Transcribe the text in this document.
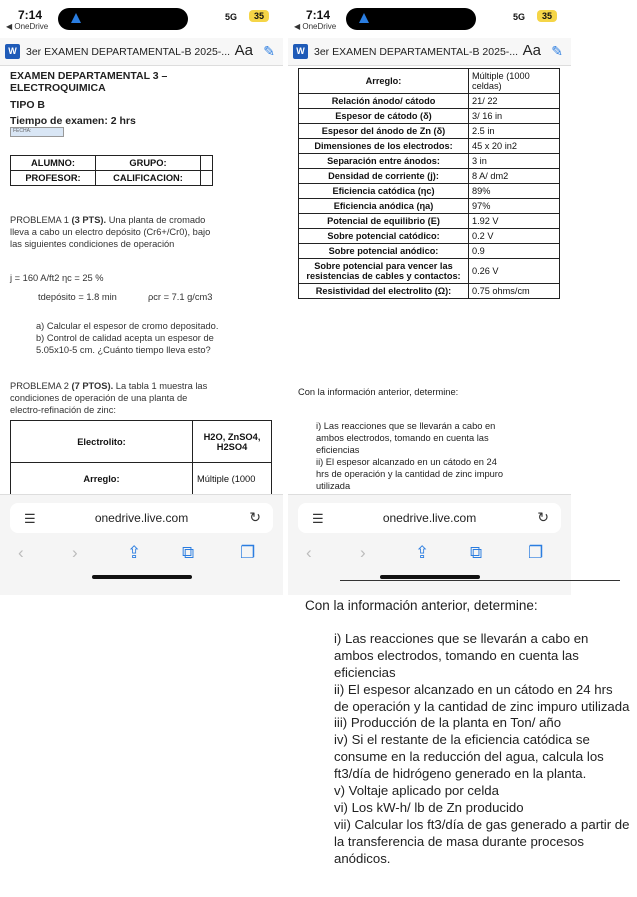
7:14
◀ OneDrive
5G	35
W 3er EXAMEN DEPARTAMENTAL-B 2025-... Aa ✎
EXAMEN DEPARTAMENTAL 3 –
ELECTROQUIMICA
TIPO B
Tiempo de examen: 2 hrs
FECHA:
ALUMNO:	GRUPO:	
PROFESOR:	CALIFICACION:	
PROBLEMA 1 (3 PTS). Una planta de cromado
lleva a cabo un electro depósito (Cr6+/Cr0), bajo
las siguientes condiciones de operación
j = 160 A/ft2 ηc = 25 %
tdepósito = 1.8 min	ρcr = 7.1 g/cm3
a) Calcular el espesor de cromo depositado.
b) Control de calidad acepta un espesor de
5.05x10-5 cm. ¿Cuánto tiempo lleva esto?
PROBLEMA 2 (7 PTOS). La tabla 1 muestra las
condiciones de operación de una planta de
electro-refinación de zinc:
Electrolito:	H2O, ZnSO4, H2SO4
Arreglo:	Múltiple (1000
☰	onedrive.live.com	↻
‹	›	⇪ ⧉	❐
7:14
◀ OneDrive
5G	35
W 3er EXAMEN DEPARTAMENTAL-B 2025-... Aa ✎
Arreglo:	Múltiple (1000 celdas)
Relación ánodo/ cátodo	21/ 22
Espesor de cátodo (δ)	3/ 16 in
Espesor del ánodo de Zn (δ)	2.5 in
Dimensiones de los electrodos:	45 x 20 in2
Separación entre ánodos:	3 in
Densidad de corriente (j):	8 A/ dm2
Eficiencia catódica (ηc)	89%
Eficiencia anódica (ηa)	97%
Potencial de equilibrio (E)	1.92 V
Sobre potencial catódico:	0.2 V
Sobre potencial anódico:	0.9
Sobre potencial para vencer las resistencias de cables y contactos:	0.26 V
Resistividad del electrolito (Ω):	0.75 ohms/cm
Con la información anterior, determine:
i) Las reacciones que se llevarán a cabo en
ambos electrodos, tomando en cuenta las
eficiencias
ii) El espesor alcanzado en un cátodo en 24
hrs de operación y la cantidad de zinc impuro
utilizada
☰	onedrive.live.com	↻
‹	›	⇪ ⧉	❐
Con la información anterior, determine:
i) Las reacciones que se llevarán a cabo en ambos electrodos, tomando en cuenta las eficiencias
ii) El espesor alcanzado en un cátodo en 24 hrs de operación y la cantidad de zinc impuro utilizada
iii) Producción de la planta en Ton/ año
iv) Si el restante de la eficiencia catódica se consume en la reducción del agua, calcula los ft3/día de hidrógeno generado en la planta.
v) Voltaje aplicado por celda
vi) Los kW-h/ lb de Zn producido
vii) Calcular los ft3/día de gas generado a partir de la transferencia de masa durante procesos anódicos.
